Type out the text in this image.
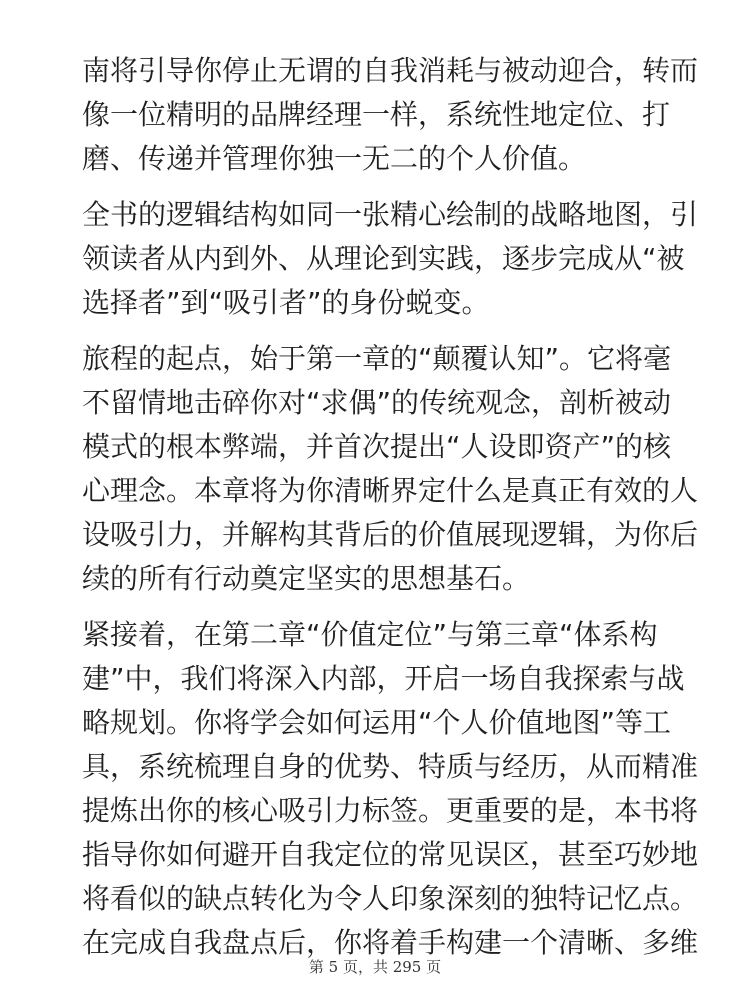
南将引导你停止无谓的自我消耗与被动迎合，转而
像一位精明的品牌经理一样，系统性地定位、打
磨、传递并管理你独一无二的个人价值。

全书的逻辑结构如同一张精心绘制的战略地图，引
领读者从内到外、从理论到实践，逐步完成从“被
选择者”到“吸引者”的身份蜕变。

旅程的起点，始于第一章的“颠覆认知”。它将毫
不留情地击碎你对“求偶”的传统观念，剖析被动
模式的根本弊端，并首次提出“人设即资产”的核
心理念。本章将为你清晰界定什么是真正有效的人
设吸引力，并解构其背后的价值展现逻辑，为你后
续的所有行动奠定坚实的思想基石。

紧接着，在第二章“价值定位”与第三章“体系构
建”中，我们将深入内部，开启一场自我探索与战
略规划。你将学会如何运用“个人价值地图”等工
具，系统梳理自身的优势、特质与经历，从而精准
提炼出你的核心吸引力标签。更重要的是，本书将
指导你如何避开自我定位的常见误区，甚至巧妙地
将看似的缺点转化为令人印象深刻的独特记忆点。
在完成自我盘点后，你将着手构建一个清晰、多维

第 5 页，共 295 页
